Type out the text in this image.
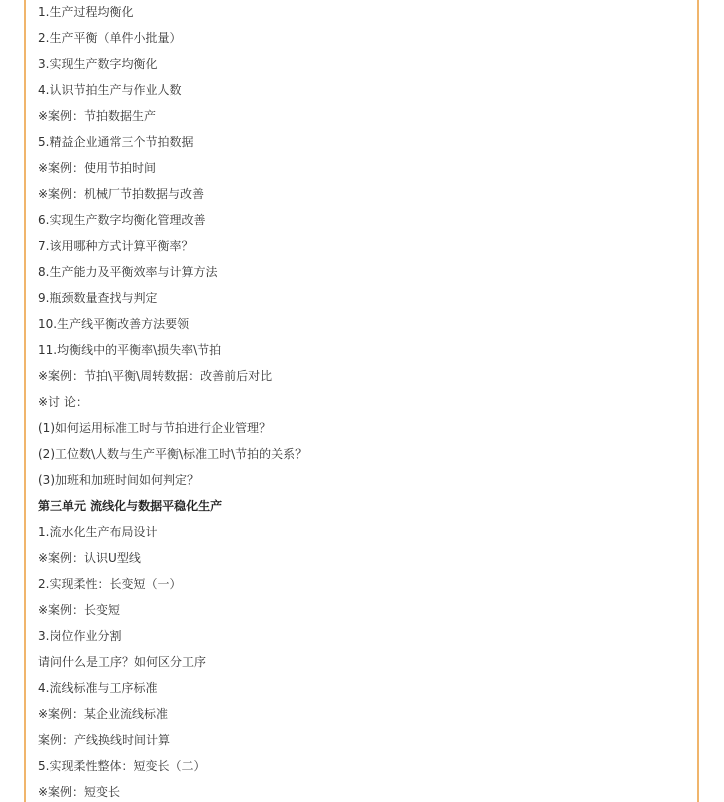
1.生产过程均衡化
2.生产平衡（单件小批量）
3.实现生产数字均衡化
4.认识节拍生产与作业人数
※案例：节拍数据生产
5.精益企业通常三个节拍数据
※案例：使用节拍时间
※案例：机械厂节拍数据与改善
6.实现生产数字均衡化管理改善
7.该用哪种方式计算平衡率？
8.生产能力及平衡效率与计算方法
9.瓶颈数量查找与判定
10.生产线平衡改善方法要领
11.均衡线中的平衡率\损失率\节拍
※案例：节拍\平衡\周转数据：改善前后对比
※讨 论：
(1)如何运用标准工时与节拍进行企业管理？
(2)工位数\人数与生产平衡\标准工时\节拍的关系？
(3)加班和加班时间如何判定？
第三单元 流线化与数据平稳化生产
1.流水化生产布局设计
※案例：认识U型线
2.实现柔性：长变短（一）
※案例：长变短
3.岗位作业分割
请问什么是工序？如何区分工序
4.流线标准与工序标准
※案例：某企业流线标准
案例：产线换线时间计算
5.实现柔性整体：短变长（二）
※案例：短变长
